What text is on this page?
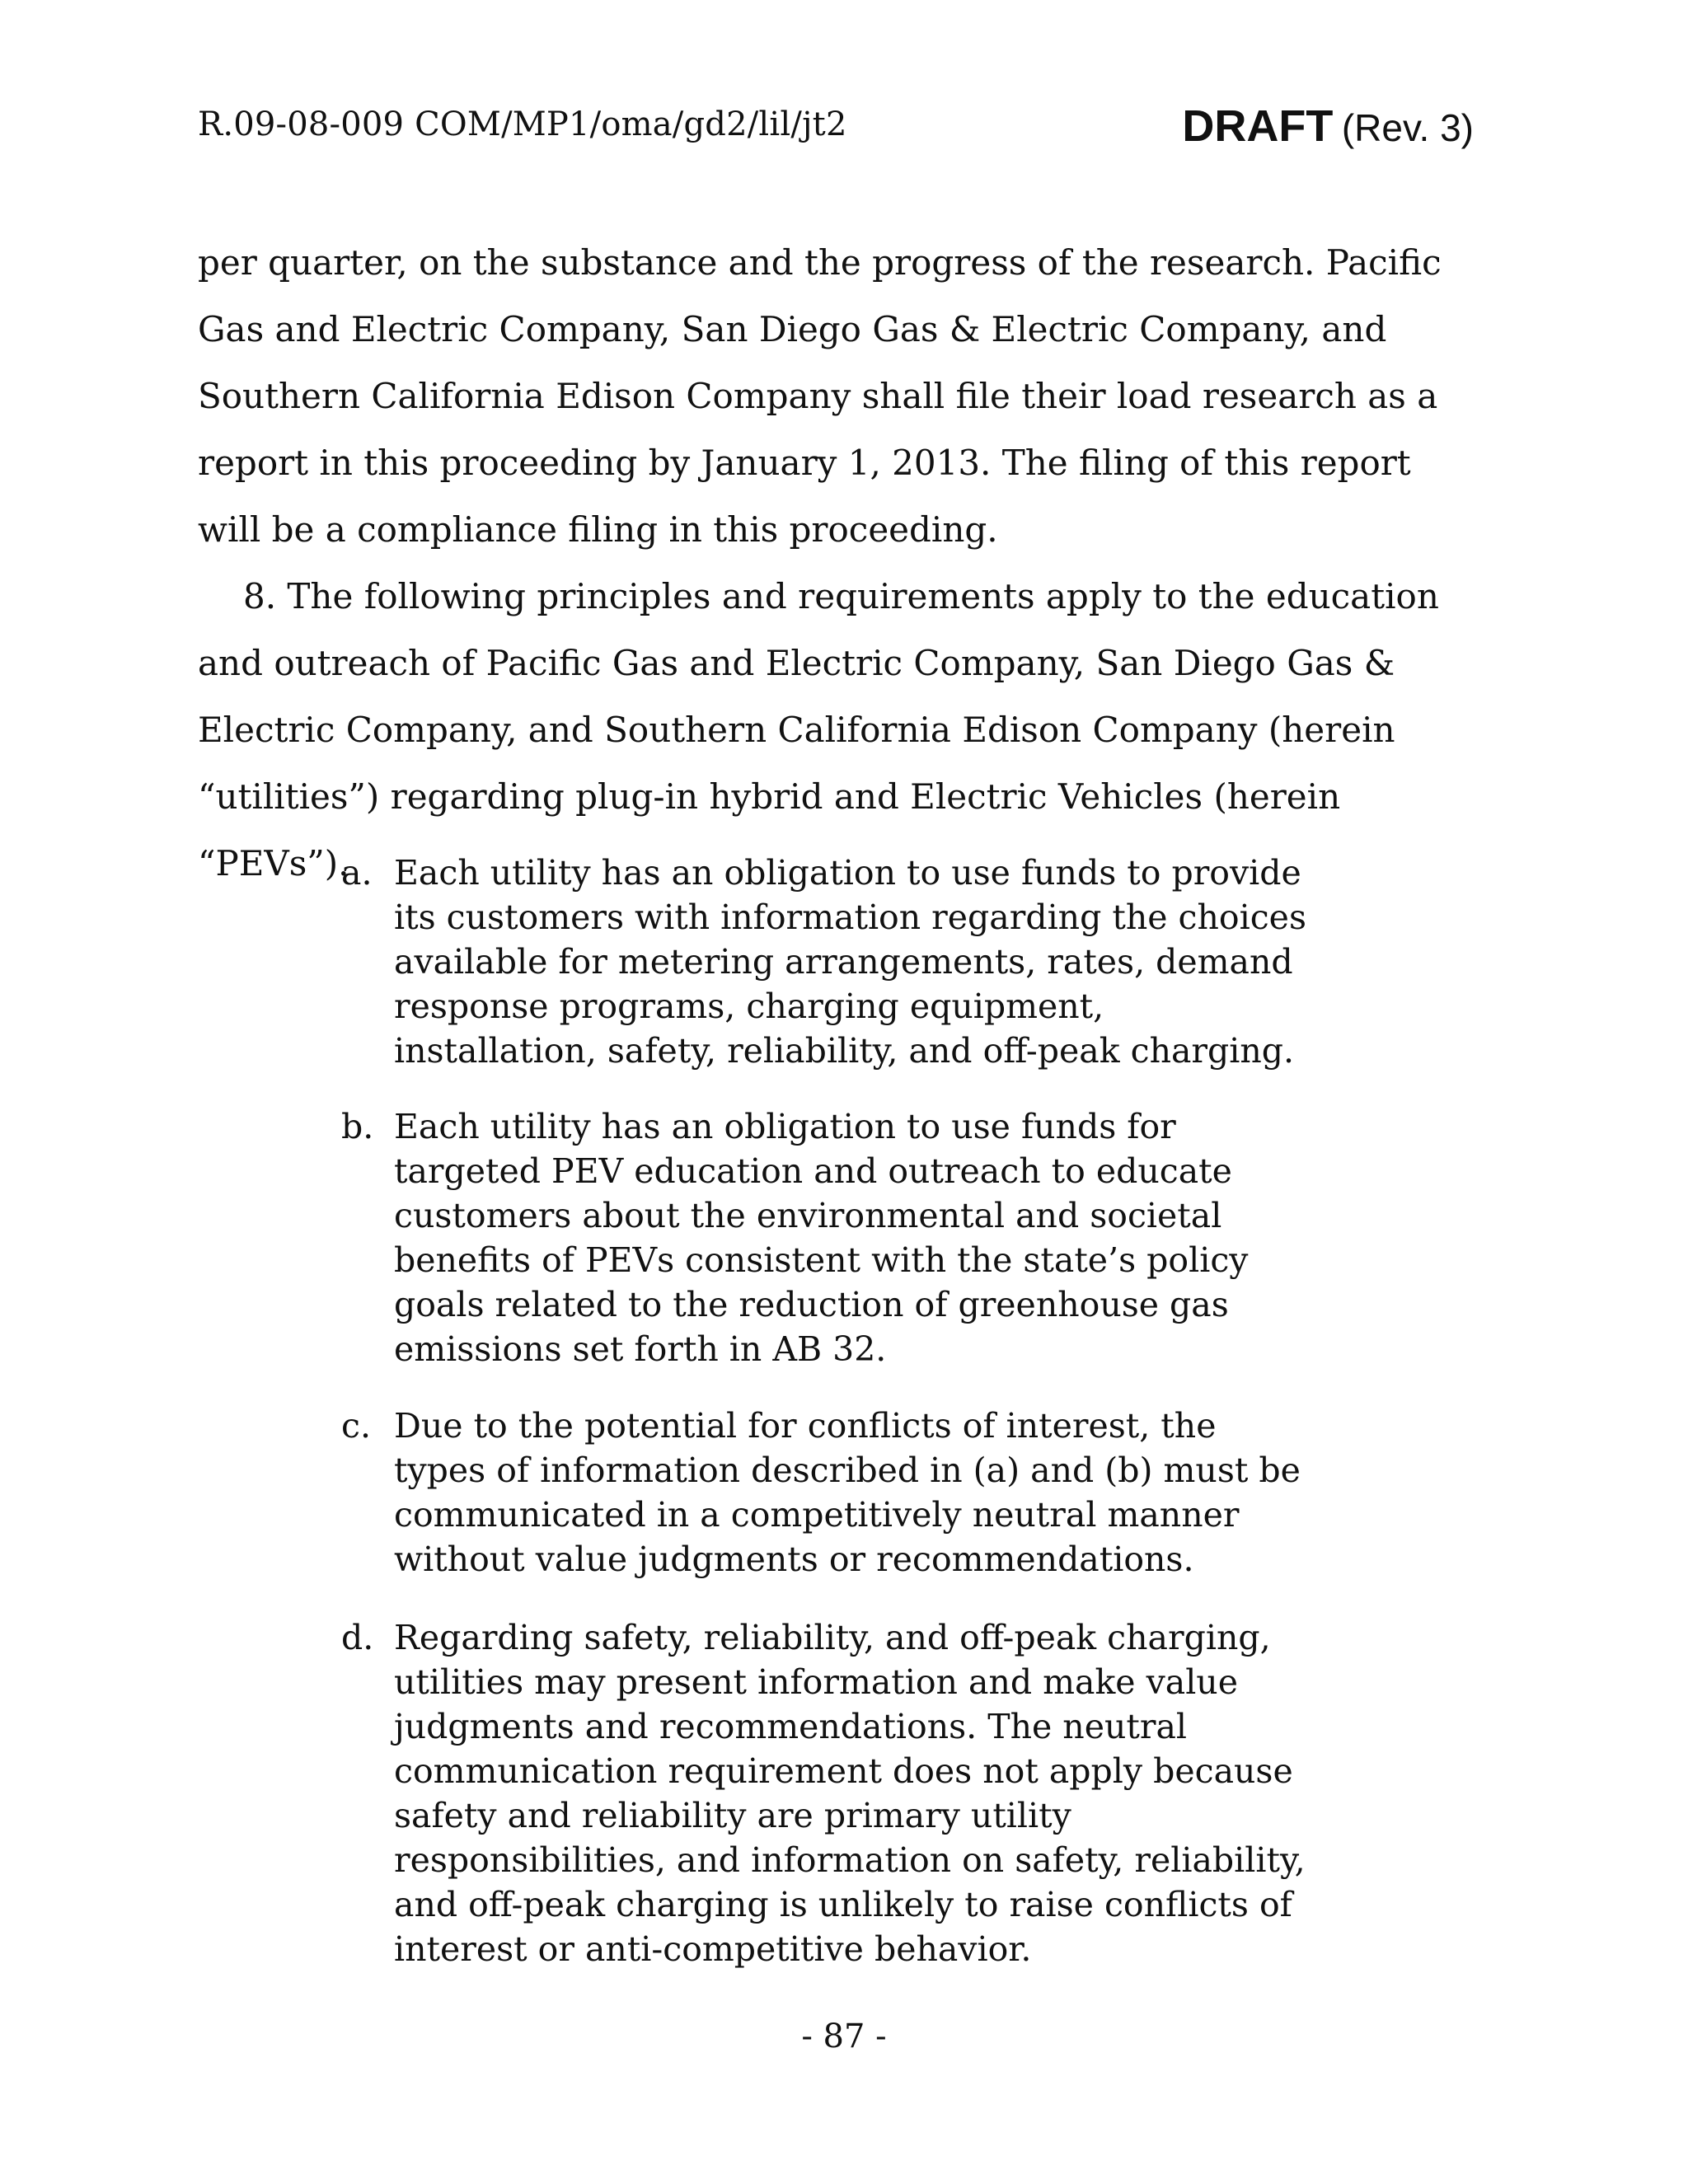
R.09-08-009 COM/MP1/oma/gd2/lil/jt2	DRAFT (Rev. 3)

per quarter, on the substance and the progress of the research. Pacific Gas and Electric Company, San Diego Gas & Electric Company, and Southern California Edison Company shall file their load research as a report in this proceeding by January 1, 2013. The filing of this report will be a compliance filing in this proceeding.

8. The following principles and requirements apply to the education and outreach of Pacific Gas and Electric Company, San Diego Gas & Electric Company, and Southern California Edison Company (herein “utilities”) regarding plug-in hybrid and Electric Vehicles (herein “PEVs”).

a. Each utility has an obligation to use funds to provide its customers with information regarding the choices available for metering arrangements, rates, demand response programs, charging equipment, installation, safety, reliability, and off-peak charging.
b. Each utility has an obligation to use funds for targeted PEV education and outreach to educate customers about the environmental and societal benefits of PEVs consistent with the state’s policy goals related to the reduction of greenhouse gas emissions set forth in AB 32.
c. Due to the potential for conflicts of interest, the types of information described in (a) and (b) must be communicated in a competitively neutral manner without value judgments or recommendations.
d. Regarding safety, reliability, and off-peak charging, utilities may present information and make value judgments and recommendations. The neutral communication requirement does not apply because safety and reliability are primary utility responsibilities, and information on safety, reliability, and off-peak charging is unlikely to raise conflicts of interest or anti-competitive behavior.
- 87 -
